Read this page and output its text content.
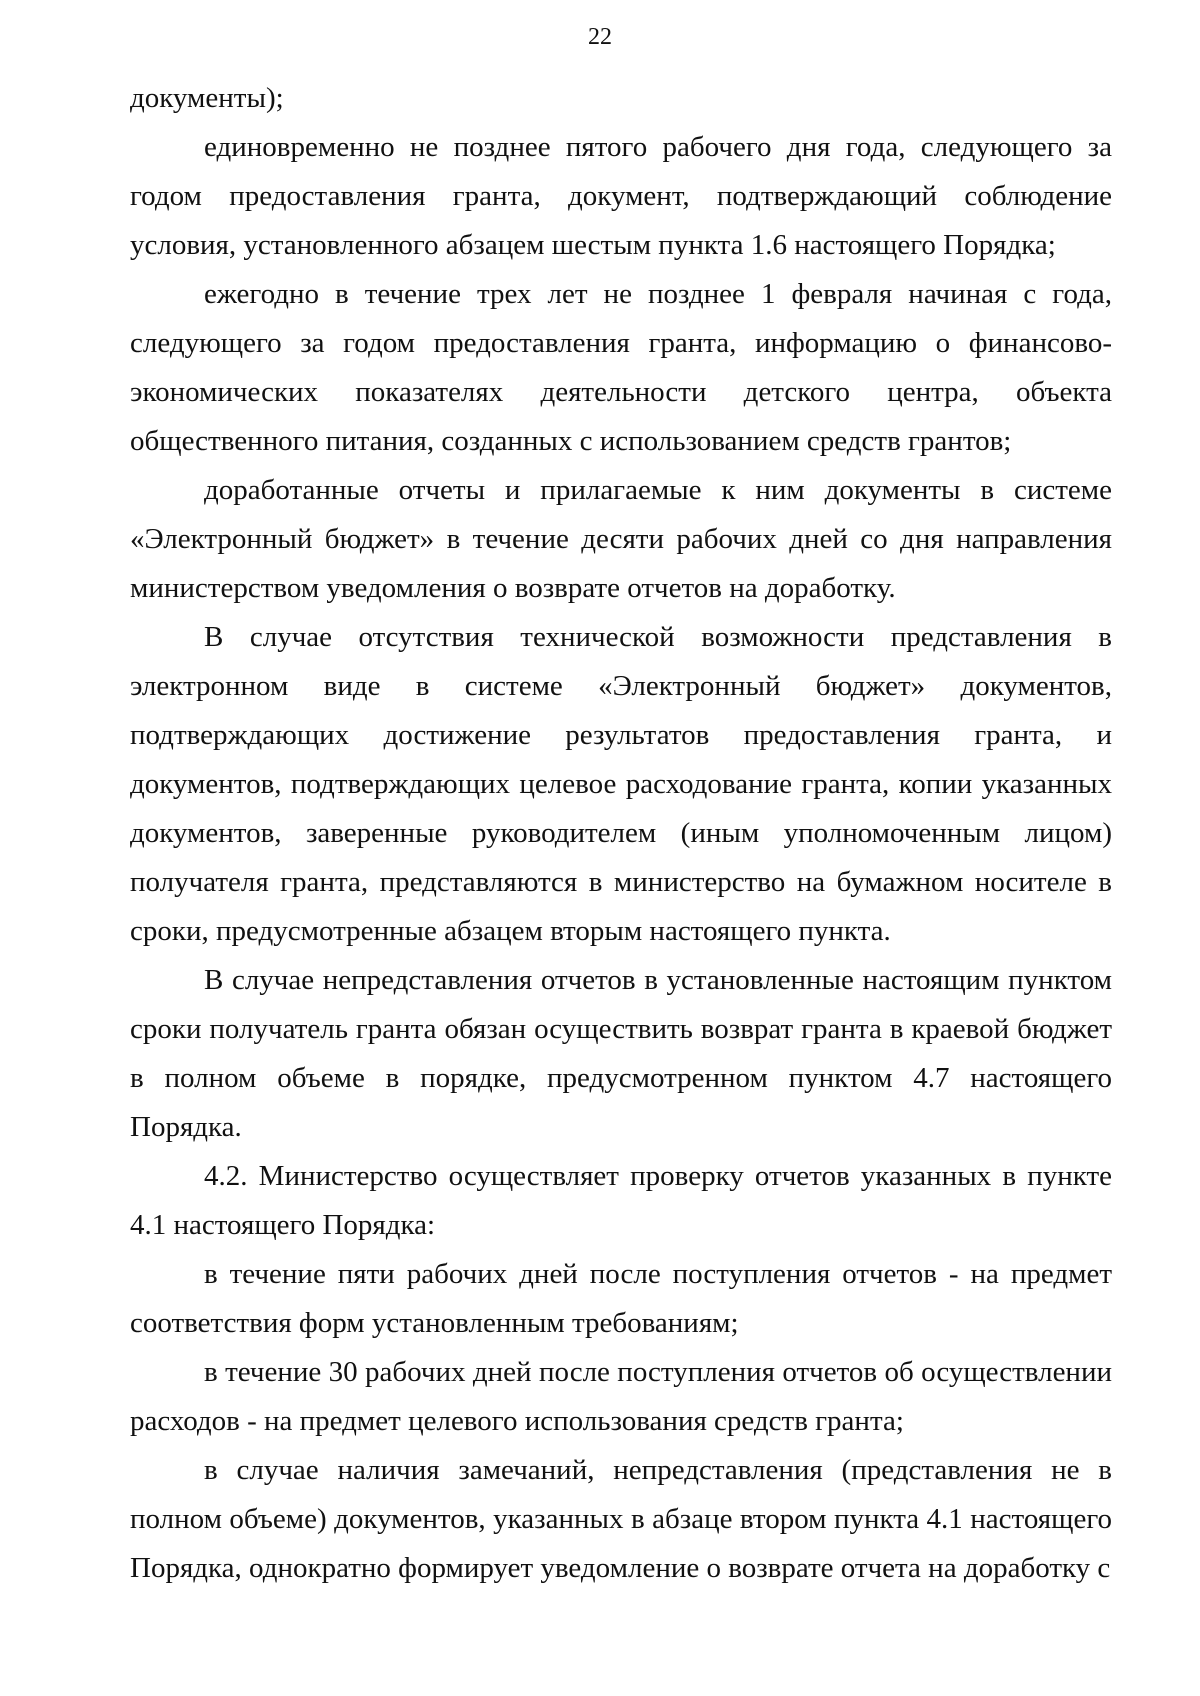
22

документы);

единовременно не позднее пятого рабочего дня года, следующего за годом предоставления гранта, документ, подтверждающий соблюдение условия, установленного абзацем шестым пункта 1.6 настоящего Порядка;

ежегодно в течение трех лет не позднее 1 февраля начиная с года, следующего за годом предоставления гранта, информацию о финансово-экономических показателях деятельности детского центра, объекта общественного питания, созданных с использованием средств грантов;

доработанные отчеты и прилагаемые к ним документы в системе «Электронный бюджет» в течение десяти рабочих дней со дня направления министерством уведомления о возврате отчетов на доработку.

В случае отсутствия технической возможности представления в электронном виде в системе «Электронный бюджет» документов, подтверждающих достижение результатов предоставления гранта, и документов, подтверждающих целевое расходование гранта, копии указанных документов, заверенные руководителем (иным уполномоченным лицом) получателя гранта, представляются в министерство на бумажном носителе в сроки, предусмотренные абзацем вторым настоящего пункта.

В случае непредставления отчетов в установленные настоящим пунктом сроки получатель гранта обязан осуществить возврат гранта в краевой бюджет в полном объеме в порядке, предусмотренном пунктом 4.7 настоящего Порядка.

4.2. Министерство осуществляет проверку отчетов указанных в пункте 4.1 настоящего Порядка:

в течение пяти рабочих дней после поступления отчетов - на предмет соответствия форм установленным требованиям;

в течение 30 рабочих дней после поступления отчетов об осуществлении расходов - на предмет целевого использования средств гранта;

в случае наличия замечаний, непредставления (представления не в полном объеме) документов, указанных в абзаце втором пункта 4.1 настоящего Порядка, однократно формирует уведомление о возврате отчета на доработку с
